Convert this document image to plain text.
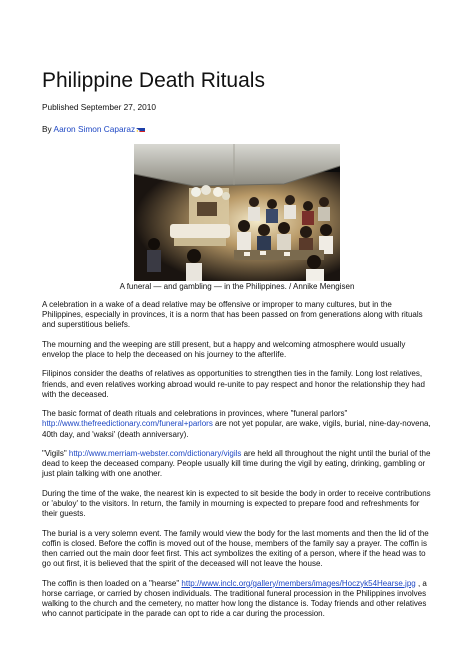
Philippine Death Rituals
Published September 27, 2010
By Aaron Simon Caparaz
A funeral — and gambling — in the Philippines. / Annike Mengisen

A celebration in a wake of a dead relative may be offensive or improper to many cultures, but in the Philippines, especially in provinces, it is a norm that has been passed on from generations along with rituals and superstitious beliefs.

The mourning and the weeping are still present, but a happy and welcoming atmosphere would usually envelop the place to help the deceased on his journey to the afterlife.

Filipinos consider the deaths of relatives as opportunities to strengthen ties in the family. Long lost relatives, friends, and even relatives working abroad would re-unite to pay respect and honor the relationship they had with the deceased.

The basic format of death rituals and celebrations in provinces, where "funeral parlors"
http://www.thefreedictionary.com/funeral+parlors are not yet popular, are wake, vigils, burial, nine-day-novena, 40th day, and 'waksi' (death anniversary).

"Vigils" http://www.merriam-webster.com/dictionary/vigils are held all throughout the night until the burial of the dead to keep the deceased company. People usually kill time during the vigil by eating, drinking, gambling or just plain talking with one another.

During the time of the wake, the nearest kin is expected to sit beside the body in order to receive contributions or 'abuloy' to the visitors. In return, the family in mourning is expected to prepare food and refreshments for their guests.

The burial is a very solemn event. The family would view the body for the last moments and then the lid of the coffin is closed. Before the coffin is moved out of the house, members of the family say a prayer. The coffin is then carried out the main door feet first. This act symbolizes the exiting of a person, where if the head was to go out first, it is believed that the spirit of the deceased will not leave the house.

The coffin is then loaded on a "hearse" http://www.inclc.org/gallery/members/images/Hoczyk54Hearse.jpg , a horse carriage, or carried by chosen individuals. The traditional funeral procession in the Philippines involves walking to the church and the cemetery, no matter how long the distance is. Today friends and other relatives who cannot participate in the parade can opt to ride a car during the procession.
